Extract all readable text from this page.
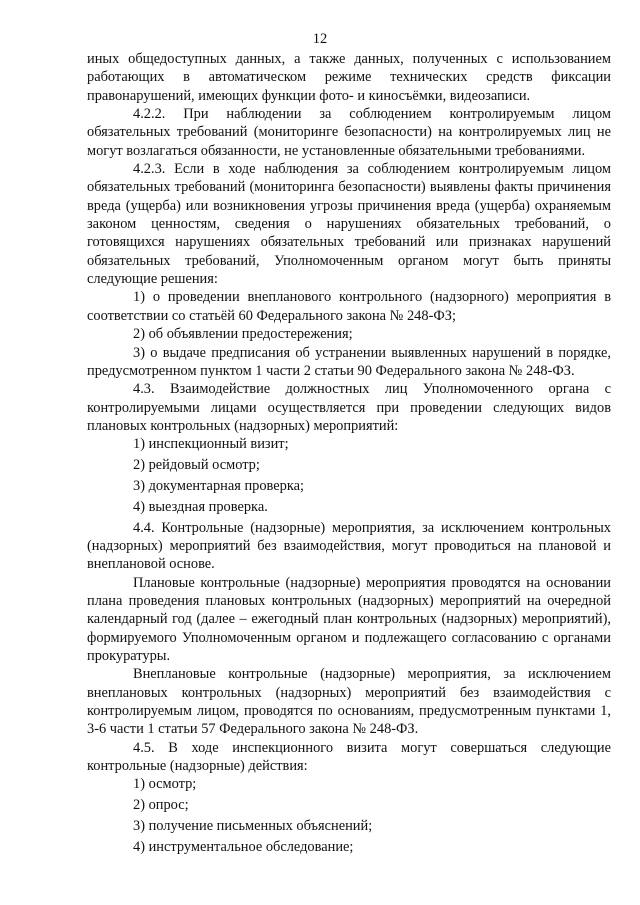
12

иных общедоступных данных, а также данных, полученных с использованием работающих в автоматическом режиме технических средств фиксации правонарушений, имеющих функции фото- и киносъёмки, видеозаписи.

4.2.2. При наблюдении за соблюдением контролируемым лицом обязательных требований (мониторинге безопасности) на контролируемых лиц не могут возлагаться обязанности, не установленные обязательными требованиями.

4.2.3. Если в ходе наблюдения за соблюдением контролируемым лицом обязательных требований (мониторинга безопасности) выявлены факты причинения вреда (ущерба) или возникновения угрозы причинения вреда (ущерба) охраняемым законом ценностям, сведения о нарушениях обязательных требований, о готовящихся нарушениях обязательных требований или признаках нарушений обязательных требований, Уполномоченным органом могут быть приняты следующие решения:

1) о проведении внепланового контрольного (надзорного) мероприятия в соответствии со статьёй 60 Федерального закона № 248-ФЗ;

2) об объявлении предостережения;

3) о выдаче предписания об устранении выявленных нарушений в порядке, предусмотренном пунктом 1 части 2 статьи 90 Федерального закона № 248-ФЗ.

4.3. Взаимодействие должностных лиц Уполномоченного органа с контролируемыми лицами осуществляется при проведении следующих видов плановых контрольных (надзорных) мероприятий:

1) инспекционный визит;

2) рейдовый осмотр;

3) документарная проверка;

4) выездная проверка.

4.4. Контрольные (надзорные) мероприятия, за исключением контрольных (надзорных) мероприятий без взаимодействия, могут проводиться на плановой и внеплановой основе.

Плановые контрольные (надзорные) мероприятия проводятся на основании плана проведения плановых контрольных (надзорных) мероприятий на очередной календарный год (далее – ежегодный план контрольных (надзорных) мероприятий), формируемого Уполномоченным органом и подлежащего согласованию с органами прокуратуры.

Внеплановые контрольные (надзорные) мероприятия, за исключением внеплановых контрольных (надзорных) мероприятий без взаимодействия с контролируемым лицом, проводятся по основаниям, предусмотренным пунктами 1, 3-6 части 1 статьи 57 Федерального закона № 248-ФЗ.

4.5. В ходе инспекционного визита могут совершаться следующие контрольные (надзорные) действия:

1) осмотр;

2) опрос;

3) получение письменных объяснений;

4) инструментальное обследование;
